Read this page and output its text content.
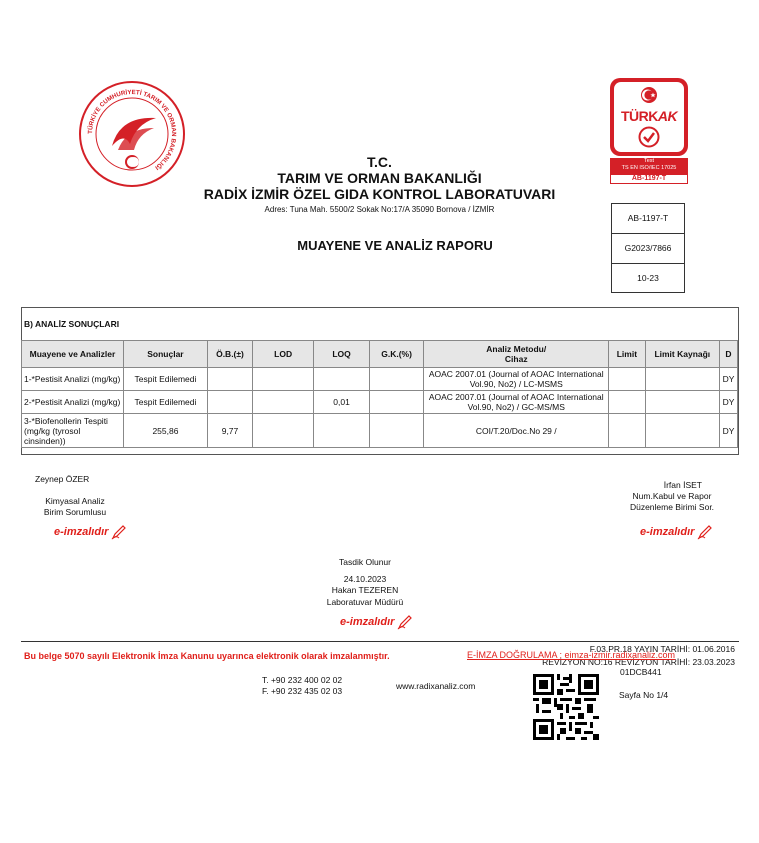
TÜRKİYE CUMHURİYETİ TARIM VE ORMAN BAKANLIĞI
TÜRKAK
Test
TS EN ISO/IEC 17025
AB-1197-T
T.C.
TARIM VE ORMAN BAKANLIĞI
RADİX İZMİR ÖZEL GIDA KONTROL LABORATUVARI
Adres: Tuna Mah. 5500/2 Sokak No:17/A 35090 Bornova / İZMİR
MUAYENE VE ANALİZ RAPORU
AB-1197-T
G2023/7866
10-23
B) ANALİZ SONUÇLARI
Muayene ve Analizler	Sonuçlar	Ö.B.(±)	LOD	LOQ	G.K.(%)	Analiz Metodu/
Cihaz	Limit	Limit Kaynağı	D
1-*Pestisit Analizi (mg/kg)	Tespit Edilemedi					AOAC 2007.01 (Journal of AOAC International Vol.90, No2) / LC-MSMS			DY
2-*Pestisit Analizi (mg/kg)	Tespit Edilemedi			0,01		AOAC 2007.01 (Journal of AOAC International Vol.90, No2) / GC-MS/MS			DY
3-*Biofenollerin Tespiti (mg/kg (tyrosol cinsinden))	255,86	9,77				COI/T.20/Doc.No 29 /			DY
Zeynep ÖZER
Kimyasal Analiz
Birim Sorumlusu
e-imzalıdır
İrfan İSET
Num.Kabul ve Rapor
Düzenleme Birimi Sor.
e-imzalıdır
Tasdik Olunur
24.10.2023
Hakan TEZEREN
Laboratuvar Müdürü
e-imzalıdır
F.03.PR.18 YAYIN TARİHİ: 01.06.2016
REVİZYON NO:16 REVİZYON TARİHİ: 23.03.2023
Bu belge 5070 sayılı Elektronik İmza Kanunu uyarınca elektronik olarak imzalanmıştır.	E-İMZA DOĞRULAMA : eimza-izmir.radixanaliz.com
01DCB441
T. +90 232 400 02 02
F. +90 232 435 02 03	www.radixanaliz.com
Sayfa No 1/4
